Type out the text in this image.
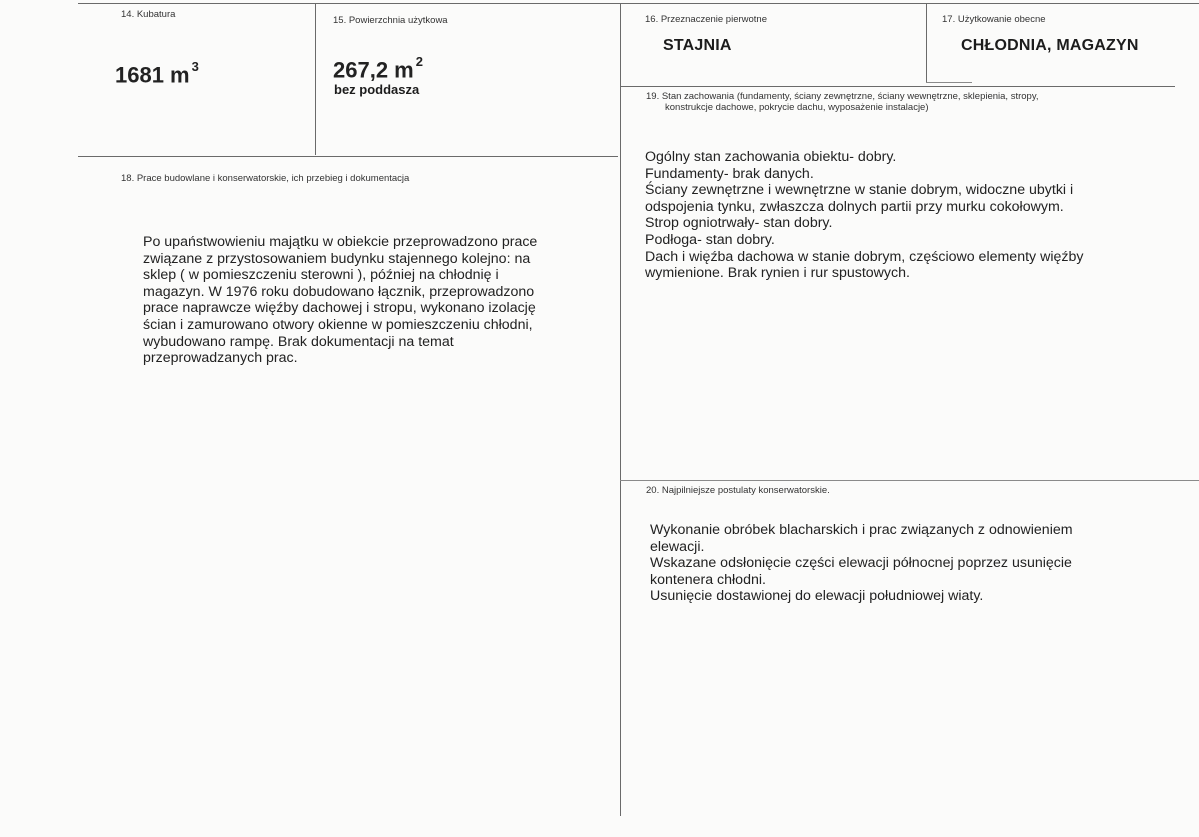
14. Kubatura
1681 m $^3$
15. Powierzchnia użytkowa
267,2 m $^2$
bez poddasza
16. Przeznaczenie pierwotne
STAJNIA
17. Użytkowanie obecne
CHŁODNIA, MAGAZYN
19. Stan zachowania (fundamenty, ściany zewnętrzne, ściany wewnętrzne, sklepienia, stropy,
konstrukcje dachowe, pokrycie dachu, wyposażenie instalacje)
Ogólny stan zachowania obiektu- dobry.
Fundamenty- brak danych.
Ściany zewnętrzne i wewnętrzne w stanie dobrym, widoczne ubytki i
odspojenia tynku, zwłaszcza dolnych partii przy murku cokołowym.
Strop ogniotrwały- stan dobry.
Podłoga- stan dobry.
Dach i więźba dachowa w stanie dobrym, częściowo elementy więźby
wymienione. Brak rynien i rur spustowych.
18. Prace budowlane i konserwatorskie, ich przebieg i dokumentacja
Po upaństwowieniu majątku w obiekcie przeprowadzono prace
związane z przystosowaniem budynku stajennego kolejno: na
sklep ( w pomieszczeniu sterowni ), później na chłodnię i
magazyn. W 1976 roku dobudowano łącznik, przeprowadzono
prace naprawcze więźby dachowej i stropu, wykonano izolację
ścian i zamurowano otwory okienne w pomieszczeniu chłodni,
wybudowano rampę. Brak dokumentacji na temat
przeprowadzanych prac.
20. Najpilniejsze postulaty konserwatorskie.
Wykonanie obróbek blacharskich i prac związanych z odnowieniem
elewacji.
Wskazane odsłonięcie części elewacji północnej poprzez usunięcie
kontenera chłodni.
Usunięcie dostawionej do elewacji południowej wiaty.
